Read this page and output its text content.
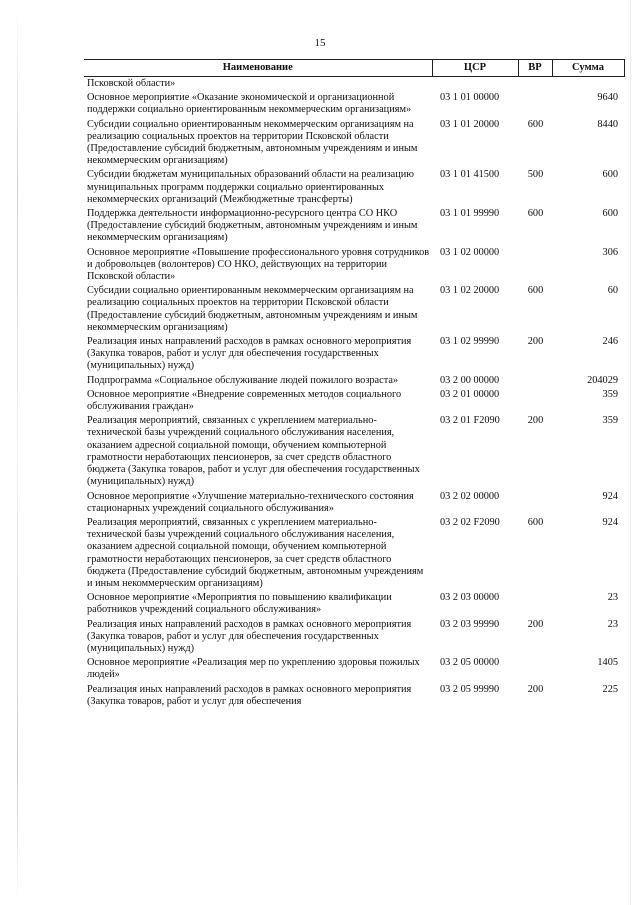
15
Наименование	ЦСР	ВР	Сумма
Псковской области»			
Основное мероприятие «Оказание экономической и организационной поддержки социально ориентированным некоммерческим организациям»	03 1 01 00000		9640
Субсидии социально ориентированным некоммерческим организациям на реализацию социальных проектов на территории Псковской области (Предоставление субсидий бюджетным, автономным учреждениям и иным некоммерческим организациям)	03 1 01 20000	600	8440
Субсидии бюджетам муниципальных образований области на реализацию муниципальных программ поддержки социально ориентированных некоммерческих организаций (Межбюджетные трансферты)	03 1 01 41500	500	600
Поддержка деятельности информационно-ресурсного центра СО НКО (Предоставление субсидий бюджетным, автономным учреждениям и иным некоммерческим организациям)	03 1 01 99990	600	600
Основное мероприятие «Повышение профессионального уровня сотрудников и добровольцев (волонтеров) СО НКО, действующих на территории Псковской области»	03 1 02 00000		306
Субсидии социально ориентированным некоммерческим организациям на реализацию социальных проектов на территории Псковской области (Предоставление субсидий бюджетным, автономным учреждениям и иным некоммерческим организациям)	03 1 02 20000	600	60
Реализация иных направлений расходов в рамках основного мероприятия (Закупка товаров, работ и услуг для обеспечения государственных (муниципальных) нужд)	03 1 02 99990	200	246
Подпрограмма «Социальное обслуживание людей пожилого возраста»	03 2 00 00000		204029
Основное мероприятие «Внедрение современных методов социального обслуживания граждан»	03 2 01 00000		359
Реализация мероприятий, связанных с укреплением материально-технической базы учреждений социального обслуживания населения, оказанием адресной социальной помощи, обучением компьютерной грамотности неработающих пенсионеров, за счет средств областного бюджета (Закупка товаров, работ и услуг для обеспечения государственных (муниципальных) нужд)	03 2 01 F2090	200	359
Основное мероприятие «Улучшение материально-технического состояния стационарных учреждений социального обслуживания»	03 2 02 00000		924
Реализация мероприятий, связанных с укреплением материально-технической базы учреждений социального обслуживания населения, оказанием адресной социальной помощи, обучением компьютерной грамотности неработающих пенсионеров, за счет средств областного бюджета (Предоставление субсидий бюджетным, автономным учреждениям и иным некоммерческим организациям)	03 2 02 F2090	600	924
Основное мероприятие «Мероприятия по повышению квалификации работников учреждений социального обслуживания»	03 2 03 00000		23
Реализация иных направлений расходов в рамках основного мероприятия (Закупка товаров, работ и услуг для обеспечения государственных (муниципальных) нужд)	03 2 03 99990	200	23
Основное мероприятие «Реализация мер по укреплению здоровья пожилых людей»	03 2 05 00000		1405
Реализация иных направлений расходов в рамках основного мероприятия (Закупка товаров, работ и услуг для обеспечения	03 2 05 99990	200	225
